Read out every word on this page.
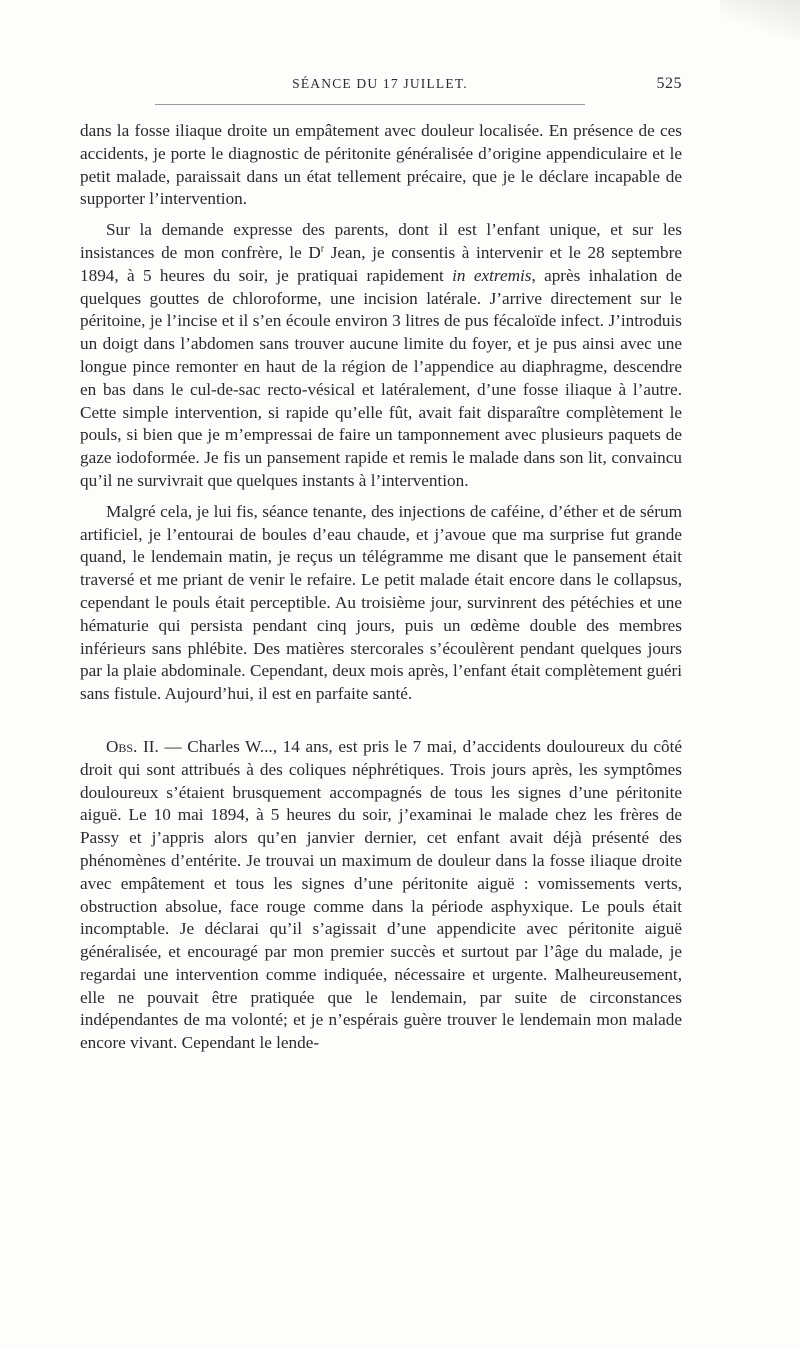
SÉANCE DU 17 JUILLET.	525

dans la fosse iliaque droite un empâtement avec douleur localisée. En présence de ces accidents, je porte le diagnostic de péritonite généralisée d’origine appendiculaire et le petit malade, paraissait dans un état tellement précaire, que je le déclare incapable de supporter l’intervention.

Sur la demande expresse des parents, dont il est l’enfant unique, et sur les insistances de mon confrère, le $D^r$ Jean, je consentis à intervenir et le 28 septembre 1894, à 5 heures du soir, je pratiquai rapidement in extremis, après inhalation de quelques gouttes de chloroforme, une incision latérale. J’arrive directement sur le péritoine, je l’incise et il s’en écoule environ 3 litres de pus fécaloïde infect. J’introduis un doigt dans l’abdomen sans trouver aucune limite du foyer, et je pus ainsi avec une longue pince remonter en haut de la région de l’appendice au diaphragme, descendre en bas dans le cul-de-sac recto-vésical et latéralement, d’une fosse iliaque à l’autre. Cette simple intervention, si rapide qu’elle fût, avait fait disparaître complètement le pouls, si bien que je m’empressai de faire un tamponnement avec plusieurs paquets de gaze iodoformée. Je fis un pansement rapide et remis le malade dans son lit, convaincu qu’il ne survivrait que quelques instants à l’intervention.

Malgré cela, je lui fis, séance tenante, des injections de caféine, d’éther et de sérum artificiel, je l’entourai de boules d’eau chaude, et j’avoue que ma surprise fut grande quand, le lendemain matin, je reçus un télégramme me disant que le pansement était traversé et me priant de venir le refaire. Le petit malade était encore dans le collapsus, cependant le pouls était perceptible. Au troisième jour, survinrent des pétéchies et une hématurie qui persista pendant cinq jours, puis un œdème double des membres inférieurs sans phlébite. Des matières stercorales s’écoulèrent pendant quelques jours par la plaie abdominale. Cependant, deux mois après, l’enfant était complètement guéri sans fistule. Aujourd’hui, il est en parfaite santé.

Obs. II. — Charles W..., 14 ans, est pris le 7 mai, d’accidents douloureux du côté droit qui sont attribués à des coliques néphrétiques. Trois jours après, les symptômes douloureux s’étaient brusquement accompagnés de tous les signes d’une péritonite aiguë. Le 10 mai 1894, à 5 heures du soir, j’examinai le malade chez les frères de Passy et j’appris alors qu’en janvier dernier, cet enfant avait déjà présenté des phénomènes d’entérite. Je trouvai un maximum de douleur dans la fosse iliaque droite avec empâtement et tous les signes d’une péritonite aiguë : vomissements verts, obstruction absolue, face rouge comme dans la période asphyxique. Le pouls était incomptable. Je déclarai qu’il s’agissait d’une appendicite avec péritonite aiguë généralisée, et encouragé par mon premier succès et surtout par l’âge du malade, je regardai une intervention comme indiquée, nécessaire et urgente. Malheureusement, elle ne pouvait être pratiquée que le lendemain, par suite de circonstances indépendantes de ma volonté; et je n’espérais guère trouver le lendemain mon malade encore vivant. Cependant le lende-
